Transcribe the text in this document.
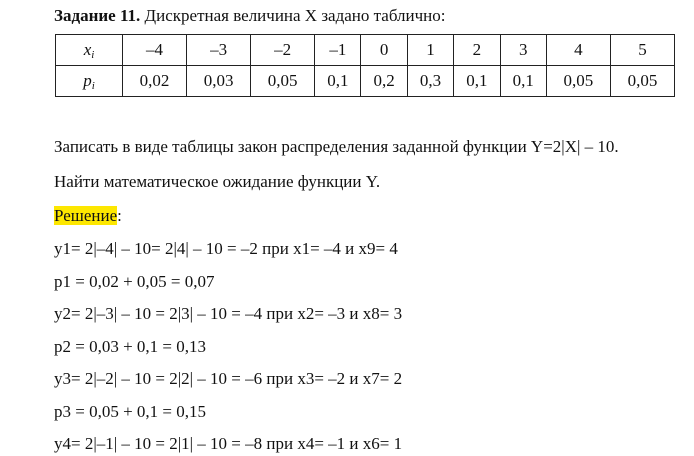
Задание 11. Дискретная величина Х задано таблично:
$x_i$	–4	–3	–2	–1	0	1	2	3	4	5
$p_i$	0,02	0,03	0,05	0,1	0,2	0,3	0,1	0,1	0,05	0,05
Записать в виде таблицы закон распределения заданной функции Y=2|X| – 10.
Найти математическое ожидание функции Y.
Решение:
y1= 2|–4| – 10= 2|4| – 10 = –2 при x1= –4 и x9= 4
p1 = 0,02 + 0,05 = 0,07
y2= 2|–3| – 10 = 2|3| – 10 = –4 при x2= –3 и x8= 3
p2 = 0,03 + 0,1 = 0,13
y3= 2|–2| – 10 = 2|2| – 10 = –6 при x3= –2 и x7= 2
p3 = 0,05 + 0,1 = 0,15
y4= 2|–1| – 10 = 2|1| – 10 = –8 при x4= –1 и x6= 1
